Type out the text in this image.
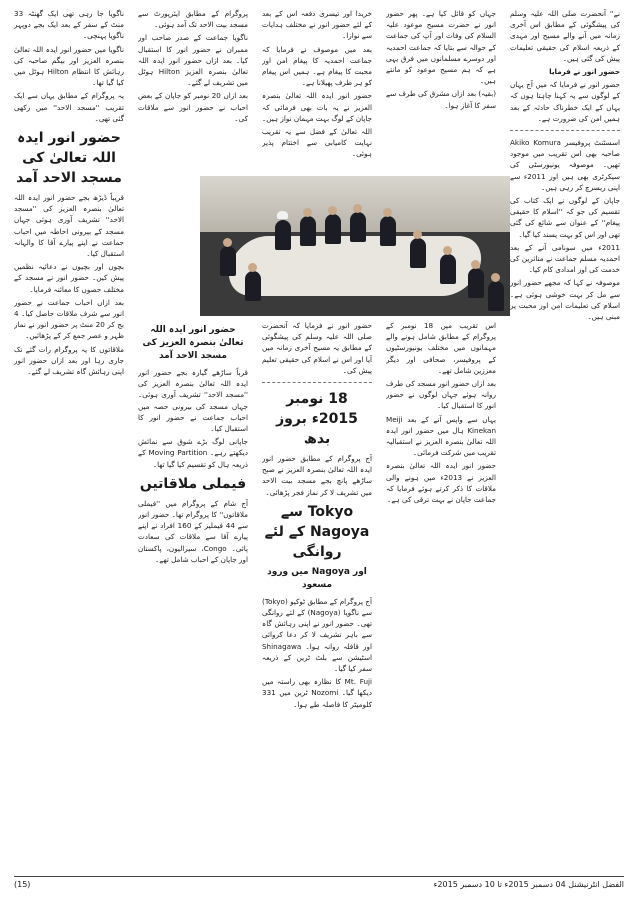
نے'' آنحضرت صلی اللہ علیہ وسلم کی پیشگوئی کے مطابق اس آخری زمانہ میں آنے والے مسیح اور مہدی کے ذریعہ اسلام کی حقیقی تعلیمات پیش کی گئی ہیں۔
حضور انور نے فرمایا
حضور انور نے فرمایا کہ میں آج یہاں کے لوگوں سے یہ کہنا چاہتا ہوں کہ یہاں کے ایک خطرناک حادثہ کے بعد ہمیں امن کی ضرورت ہے۔
اسسٹنٹ پروفیسر Akiko Komura صاحبہ بھی اس تقریب میں موجود تھیں۔ موصوفہ یونیورسٹی کی سیکرٹری بھی ہیں اور 2011ء سے اپنی ریسرچ کر رہی ہیں۔
جاپان کے لوگوں نے ایک کتاب کی تقسیم کی جو کہ ''اسلام کا حقیقی پیغام'' کے عنوان سے شائع کی گئی تھی اور اس کو بہت پسند کیا گیا۔
2011ء میں سونامی آنے کے بعد احمدیہ مسلم جماعت نے متاثرین کی خدمت کی اور امدادی کام کیا۔
موصوفہ نے کہا کہ مجھے حضور انور سے مل کر بہت خوشی ہوئی ہے۔ اسلام کی تعلیمات امن اور محبت پر مبنی ہیں۔
جہاں کو قائل کیا ہے۔ پھر حضور انور نے حضرت مسیح موعود علیہ السلام کی وفات اور آپ کی جماعت کے حوالہ سے بتایا کہ جماعت احمدیہ اور دوسرے مسلمانوں میں فرق یہی ہے کہ ہم مسیح موعود کو مانتے ہیں۔
(بقیہ) بعد ازاں مشرق کی طرف سے سفر کا آغاز ہوا۔
خریدا اور تیسری دفعہ اس کے بعد کے لئے حضور انور نے مختلف ہدایات سے نوازا۔
بعد میں موصوف نے فرمایا کہ جماعت احمدیہ کا پیغام امن اور محبت کا پیغام ہے۔ ہمیں اس پیغام کو ہر طرف پھیلانا ہے۔
حضور انور ایدہ اللہ تعالیٰ بنصرہ العزیز نے یہ بات بھی فرمائی کہ جاپان کے لوگ بہت مہمان نواز ہیں۔
اللہ تعالیٰ کے فضل سے یہ تقریب نہایت کامیابی سے اختتام پذیر ہوئی۔
اس تقریب میں 18 نومبر کے پروگرام کے مطابق شامل ہونے والے مہمانوں میں مختلف یونیورسٹیوں کے پروفیسر، صحافی اور دیگر معززین شامل تھے۔
بعد ازاں حضور انور مسجد کی طرف روانہ ہوئے جہاں لوگوں نے حضور انور کا استقبال کیا۔
یہاں سے واپس آنے کے بعد Meiji Kinekan ہال میں حضور انور ایدہ اللہ تعالیٰ بنصرہ العزیز نے استقبالیہ تقریب میں شرکت فرمائی۔
حضور انور ایدہ اللہ تعالیٰ بنصرہ العزیز نے 2013ء میں ہونے والی ملاقات کا ذکر کرتے ہوئے فرمایا کہ جماعت جاپان نے بہت ترقی کی ہے۔
حضور انور نے فرمایا کہ آنحضرت صلی اللہ علیہ وسلم کی پیشگوئی کے مطابق یہ مسیح آخری زمانہ میں آیا اور اس نے اسلام کی حقیقی تعلیم پیش کی۔
18 نومبر 2015ء بروز بدھ
آج پروگرام کے مطابق حضور انور ایدہ اللہ تعالیٰ بنصرہ العزیز نے صبح ساڑھے پانچ بجے مسجد بیت الاحد میں تشریف لا کر نماز فجر پڑھائی۔
Tokyo سے Nagoya کے لئے روانگی
اور Nagoya میں ورود مسعود
آج پروگرام کے مطابق ٹوکیو (Tokyo) سے ناگویا (Nagoya) کے لئے روانگی تھی۔ حضور انور نے اپنی رہائش گاہ سے باہر تشریف لا کر دعا کروائی اور قافلہ روانہ ہوا۔ Shinagawa اسٹیشن سے بلٹ ٹرین کے ذریعہ سفر کیا گیا۔
Mt. Fuji کا نظارہ بھی راستہ میں دیکھا گیا۔ Nozomi ٹرین میں 331 کلومیٹر کا فاصلہ طے ہوا۔
پروگرام کے مطابق ایئرپورٹ سے مسجد بیت الاحد تک آمد ہوئی۔
ناگویا جماعت کے صدر صاحب اور ممبران نے حضور انور کا استقبال کیا۔ بعد ازاں حضور انور ایدہ اللہ تعالیٰ بنصرہ العزیز Hilton ہوٹل میں تشریف لے گئے۔
بعد ازاں 20 نومبر کو جاپان کے بعض احباب نے حضور انور سے ملاقات کی۔
حضور انور ایدہ اللہ تعالیٰ بنصرہ العزیز کی مسجد الاحد آمد
قرباً ساڑھے گیارہ بجے حضور انور ایدہ اللہ تعالیٰ بنصرہ العزیز کی ''مسجد الاحد'' تشریف آوری ہوئی۔ جہاں مسجد کی بیرونی حصہ میں احباب جماعت نے حضور انور کا استقبال کیا۔
جاپانی لوگ بڑے شوق سے نمائش دیکھتے رہے۔ Moving Partition کے ذریعہ ہال کو تقسیم کیا گیا تھا۔
فیملی ملاقاتیں
آج شام کے پروگرام میں ''فیملی ملاقاتوں'' کا پروگرام تھا۔ حضور انور سے 44 فیملیز کے 160 افراد نے اپنے پیارے آقا سے ملاقات کی سعادت پائی۔ Congo، سیرالیون، پاکستان اور جاپان کے احباب شامل تھے۔
ناگویا جا رہی تھی ایک گھنٹہ 33 منٹ کے سفر کے بعد ایک بجے دوپہر ناگویا پہنچی۔
ناگویا میں حضور انور ایدہ اللہ تعالیٰ بنصرہ العزیز اور بیگم صاحبہ کی رہائش کا انتظام Hilton ہوٹل میں کیا گیا تھا۔
یہ پروگرام کے مطابق یہاں سے ایک تقریب ''مسجد الاحد'' میں رکھی گئی تھی۔
حضور انور ایدہ اللہ تعالیٰ کی مسجد الاحد آمد
قریباً ڈیڑھ بجے حضور انور ایدہ اللہ تعالیٰ بنصرہ العزیز کی ''مسجد الاحد'' تشریف آوری ہوئی جہاں مسجد کے بیرونی احاطہ میں احباب جماعت نے اپنے پیارے آقا کا والہانہ استقبال کیا۔
بچوں اور بچیوں نے دعائیہ نظمیں پیش کیں۔ حضور انور نے مسجد کے مختلف حصوں کا معائنہ فرمایا۔
بعد ازاں احباب جماعت نے حضور انور سے شرف ملاقات حاصل کیا۔ 4 بج کر 20 منٹ پر حضور انور نے نماز ظہر و عصر جمع کر کے پڑھائیں۔
ملاقاتوں کا یہ پروگرام رات گئے تک جاری رہا اور بعد ازاں حضور انور اپنی رہائش گاہ تشریف لے گئے۔
الفضل انٹرنیشنل 04 دسمبر 2015ء تا 10 دسمبر 2015ء
(15)
